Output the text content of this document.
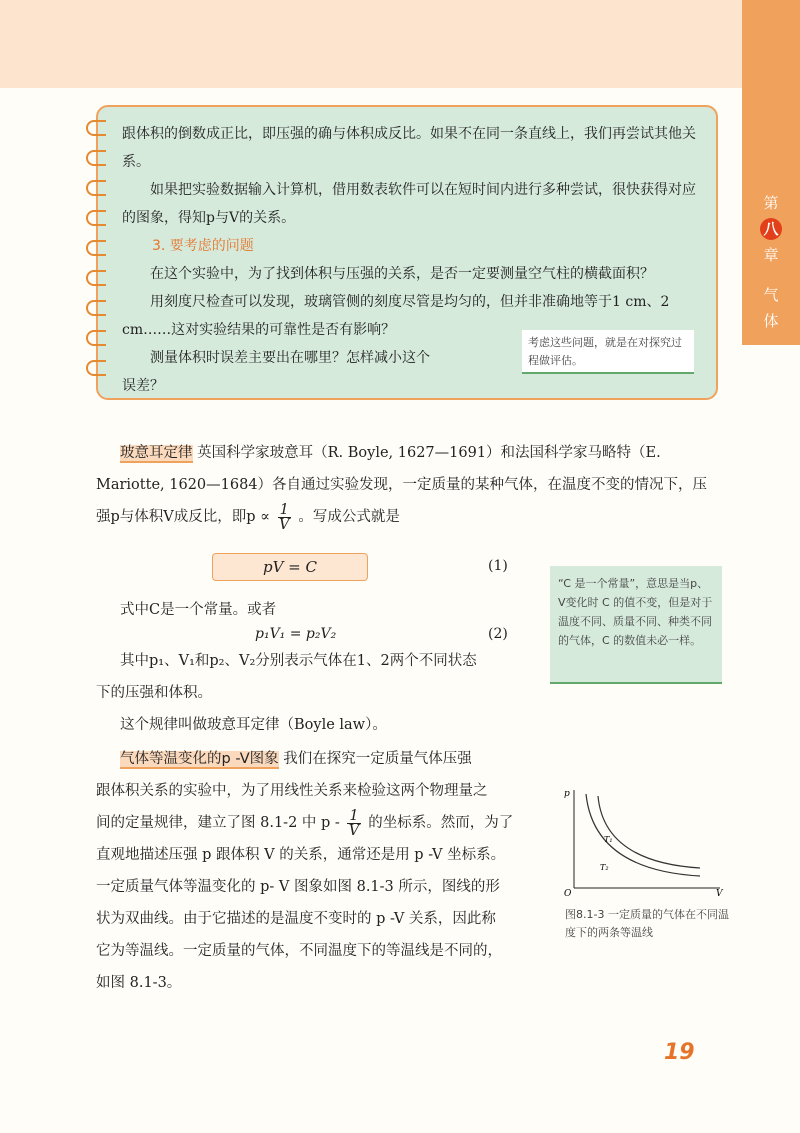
第
八
章
气
体

跟体积的倒数成正比，即压强的确与体积成反比。如果不在同一条直线上，我们再尝试其他关系。

如果把实验数据输入计算机，借用数表软件可以在短时间内进行多种尝试，很快获得对应的图象，得知p与V的关系。

3. 要考虑的问题

在这个实验中，为了找到体积与压强的关系，是否一定要测量空气柱的横截面积？

用刻度尺检查可以发现，玻璃管侧的刻度尽管是均匀的，但并非准确地等于1 cm、2 cm……这对实验结果的可靠性是否有影响？

测量体积时误差主要出在哪里？怎样减小这个

误差？

考虑这些问题，就是在对探究过程做评估。
玻意耳定律 英国科学家玻意耳（R. Boyle, 1627—1691）和法国科学家马略特（E.
Mariotte, 1620—1684）各自通过实验发现，一定质量的某种气体，在温度不变的情况下，压
强p与体积V成反比，即$p \propto \frac{1}{V}$ 。写成公式就是
pV = C	(1)
式中C是一个常量。或者
p₁V₁ = p₂V₂	(2)
其中p₁、V₁和p₂、V₂分别表示气体在1、2两个不同状态
下的压强和体积。
这个规律叫做玻意耳定律（Boyle law）。
“C 是一个常量”，意思是当p、V变化时 C 的值不变，但是对于温度不同、质量不同、种类不同的气体，C 的数值未必一样。
气体等温变化的p -V图象 我们在探究一定质量气体压强
跟体积关系的实验中，为了用线性关系来检验这两个物理量之
间的定量规律，建立了图 8.1-2 中 p - $\frac{1}{V}$ 的坐标系。然而，为了
直观地描述压强 p 跟体积 V 的关系，通常还是用 p -V 坐标系。
一定质量气体等温变化的 p- V 图象如图 8.1-3 所示，图线的形
状为双曲线。由于它描述的是温度不变时的 p -V 关系，因此称
它为等温线。一定质量的气体，不同温度下的等温线是不同的，
如图 8.1-3。
p
V
O
T₁
T₂
图8.1-3 一定质量的气体在不同温度下的两条等温线
19
